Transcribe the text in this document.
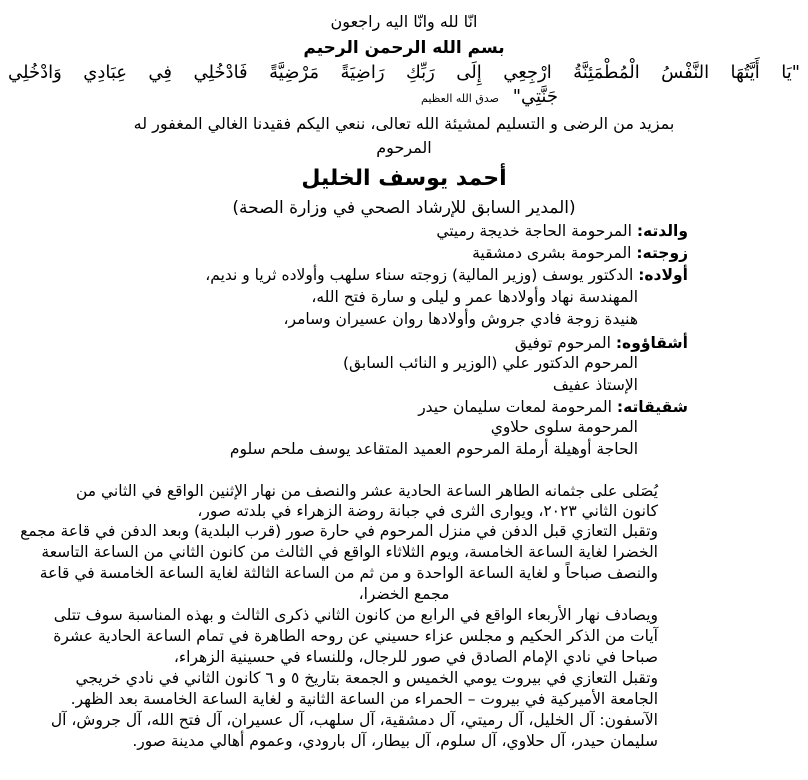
انّا لله وانّا اليه راجعون
بسم الله الرحمن الرحيم
"يَا أَيَّتُهَا النَّفْسُ الْمُطْمَئِنَّةُ ارْجِعِي إِلَى رَبِّكِ رَاضِيَةً مَرْضِيَّةً فَادْخُلِي فِي عِبَادِي وَادْخُلِي
جَنَّتِي" صدق الله العظيم
بمزيد من الرضى و التسليم لمشيئة الله تعالى، ننعي اليكم فقيدنا الغالي المغفور له
المرحوم
أحمد يوسف الخليل
(المدير السابق للإرشاد الصحي في وزارة الصحة)
والدته: المرحومة الحاجة خديجة رميتي
زوجته: المرحومة بشرى دمشقية
أولاده: الدكتور يوسف (وزير المالية) زوجته سناء سلهب وأولاده ثريا و نديم،
المهندسة نهاد وأولادها عمر و ليلى و سارة فتح الله،
هنيدة زوجة فادي جروش وأولادها روان عسيران وسامر،
أشقاؤوه: المرحوم توفيق
المرحوم الدكتور علي (الوزير و النائب السابق)
الإستاذ عفيف
شقيقاته: المرحومة لمعات سليمان حيدر
المرحومة سلوى حلاوي
الحاجة أوهيلة أرملة المرحوم العميد المتقاعد يوسف ملحم سلوم
يُصَلى على جثمانه الطاهر الساعة الحادية عشر والنصف من نهار الإثنين الواقع في الثاني من
كانون الثاني ٢٠٢٣، ويوارى الثرى في جبانة روضة الزهراء في بلدته صور،
وتقبل التعازي قبل الدفن في منزل المرحوم في حارة صور (قرب البلدية) وبعد الدفن في قاعة مجمع
الخضرا لغاية الساعة الخامسة، ويوم الثلاثاء الواقع في الثالث من كانون الثاني من الساعة التاسعة
والنصف صباحاً و لغاية الساعة الواحدة و من ثم من الساعة الثالثة لغاية الساعة الخامسة في قاعة
مجمع الخضرا،
ويصادف نهار الأربعاء الواقع في الرابع من كانون الثاني ذكرى الثالث و بهذه المناسبة سوف تتلى
آيات من الذكر الحكيم و مجلس عزاء حسيني عن روحه الطاهرة في تمام الساعة الحادية عشرة
صباحا في نادي الإمام الصادق في صور للرجال، وللنساء في حسينية الزهراء،
وتقبل التعازي في بيروت يومي الخميس و الجمعة بتاريخ ٥ و ٦ كانون الثاني في نادي خريجي
الجامعة الأميركية في بيروت – الحمراء من الساعة الثانية و لغاية الساعة الخامسة بعد الظهر.
الآسفون: آل الخليل، آل رميتي، آل دمشقية، آل سلهب، آل عسيران، آل فتح الله، آل جروش، آل
سليمان حيدر، آل حلاوي، آل سلوم، آل بيطار، آل بارودي، وعموم أهالي مدينة صور.
